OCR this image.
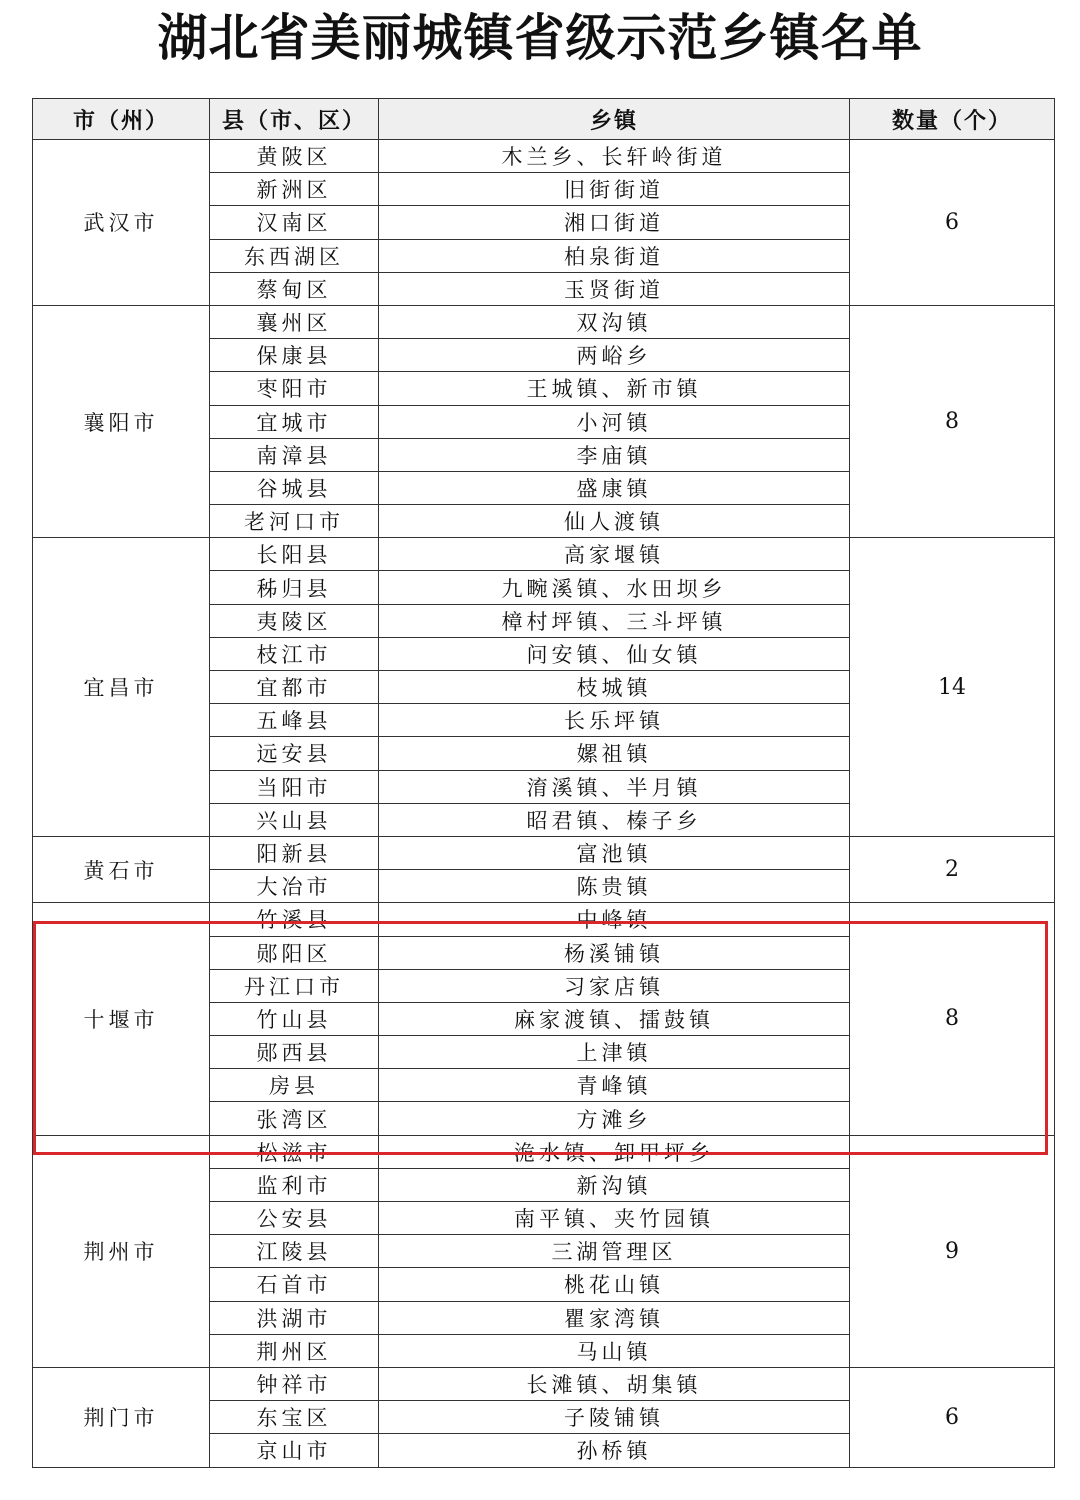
湖北省美丽城镇省级示范乡镇名单
市（州）	县（市、区）	乡镇	数量（个）
武汉市	黄陂区	木兰乡、长轩岭街道	6
	新洲区	旧街街道	
	汉南区	湘口街道	
	东西湖区	柏泉街道	
	蔡甸区	玉贤街道	
襄阳市	襄州区	双沟镇	8
	保康县	两峪乡	
	枣阳市	王城镇、新市镇	
	宜城市	小河镇	
	南漳县	李庙镇	
	谷城县	盛康镇	
	老河口市	仙人渡镇	
宜昌市	长阳县	高家堰镇	14
	秭归县	九畹溪镇、水田坝乡	
	夷陵区	樟村坪镇、三斗坪镇	
	枝江市	问安镇、仙女镇	
	宜都市	枝城镇	
	五峰县	长乐坪镇	
	远安县	嫘祖镇	
	当阳市	淯溪镇、半月镇	
	兴山县	昭君镇、榛子乡	
黄石市	阳新县	富池镇	2
	大冶市	陈贵镇	
十堰市	竹溪县	中峰镇	8
	郧阳区	杨溪铺镇	
	丹江口市	习家店镇	
	竹山县	麻家渡镇、擂鼓镇	
	郧西县	上津镇	
	房县	青峰镇	
	张湾区	方滩乡	
荆州市	松滋市	洈水镇、卸甲坪乡	9
	监利市	新沟镇	
	公安县	南平镇、夹竹园镇	
	江陵县	三湖管理区	
	石首市	桃花山镇	
	洪湖市	瞿家湾镇	
	荆州区	马山镇	
荆门市	钟祥市	长滩镇、胡集镇	6
	东宝区	子陵铺镇	
	京山市	孙桥镇	
